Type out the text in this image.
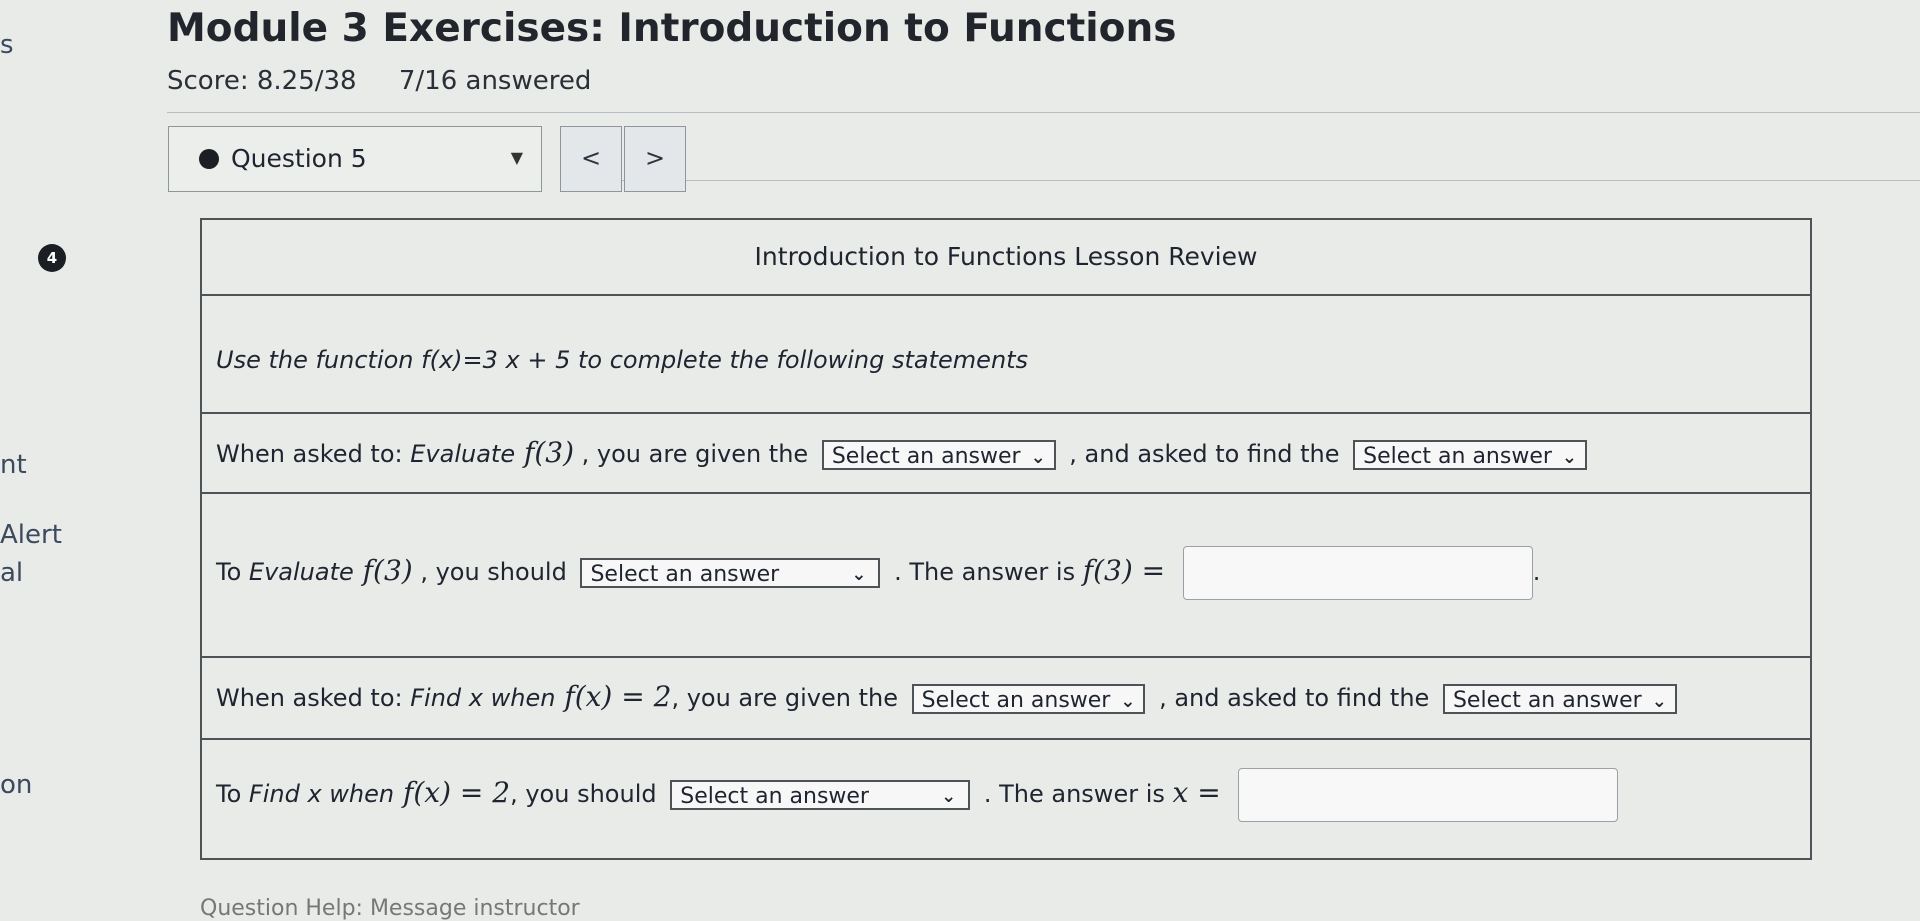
s
nt
Alert
al
on
4
Module 3 Exercises: Introduction to Functions
Score: 8.25/38 7/16 answered
Question 5	▼	<	>
Introduction to Functions Lesson Review
Use the function f(x)=3 x + 5 to complete the following statements
When asked to: Evaluate f(3) , you are given the Select an answer ⌄ , and asked to find the Select an answer ⌄
To Evaluate f(3) , you should Select an answer	⌄ . The answer is f(3) =	.
When asked to: Find x when f(x) = 2, you are given the Select an answer ⌄ , and asked to find the Select an answer ⌄
To Find x when f(x) = 2, you should Select an answer	⌄ . The answer is x =
Question Help: Message instructor
